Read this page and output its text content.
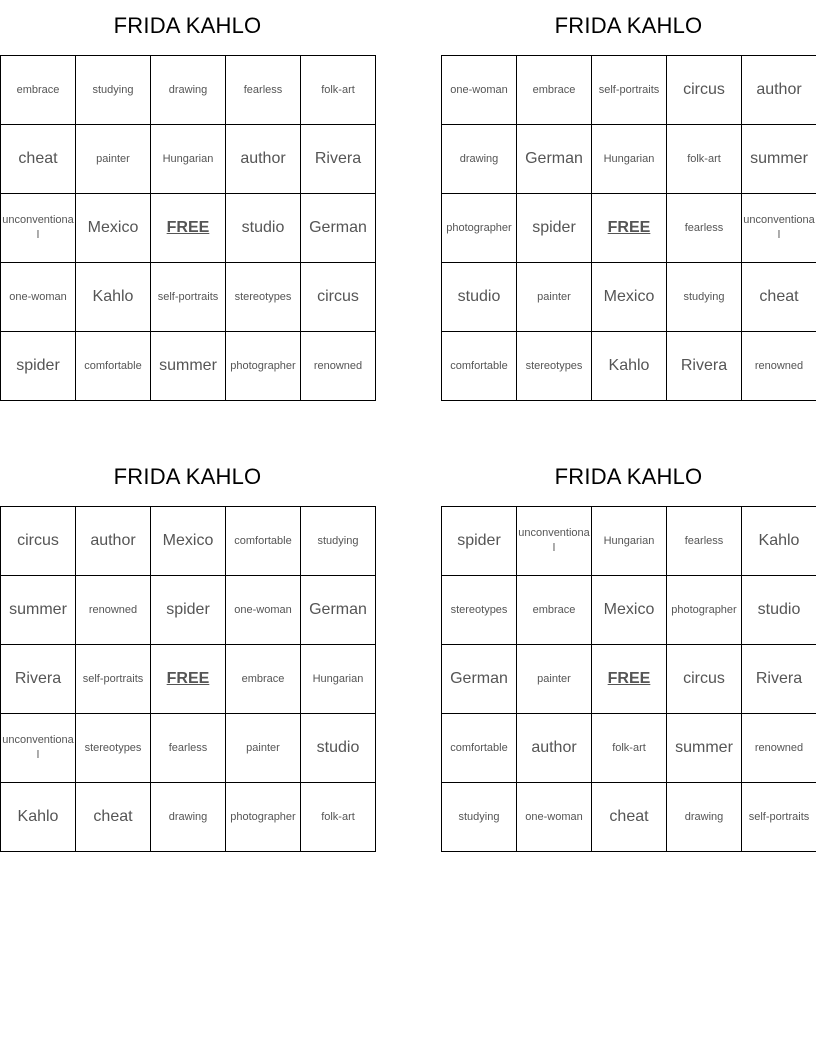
FRIDA KAHLO
embrace	studying	drawing	fearless	folk-art
cheat	painter	Hungarian	author	Rivera
unconventional	Mexico	FREE	studio	German
one-woman	Kahlo	self-portraits	stereotypes	circus
spider	comfortable	summer	photographer	renowned
FRIDA KAHLO
one-woman	embrace	self-portraits	circus	author
drawing	German	Hungarian	folk-art	summer
photographer	spider	FREE	fearless	unconventional
studio	painter	Mexico	studying	cheat
comfortable	stereotypes	Kahlo	Rivera	renowned
FRIDA KAHLO
circus	author	Mexico	comfortable	studying
summer	renowned	spider	one-woman	German
Rivera	self-portraits	FREE	embrace	Hungarian
unconventional	stereotypes	fearless	painter	studio
Kahlo	cheat	drawing	photographer	folk-art
FRIDA KAHLO
spider	unconventional	Hungarian	fearless	Kahlo
stereotypes	embrace	Mexico	photographer	studio
German	painter	FREE	circus	Rivera
comfortable	author	folk-art	summer	renowned
studying	one-woman	cheat	drawing	self-portraits
